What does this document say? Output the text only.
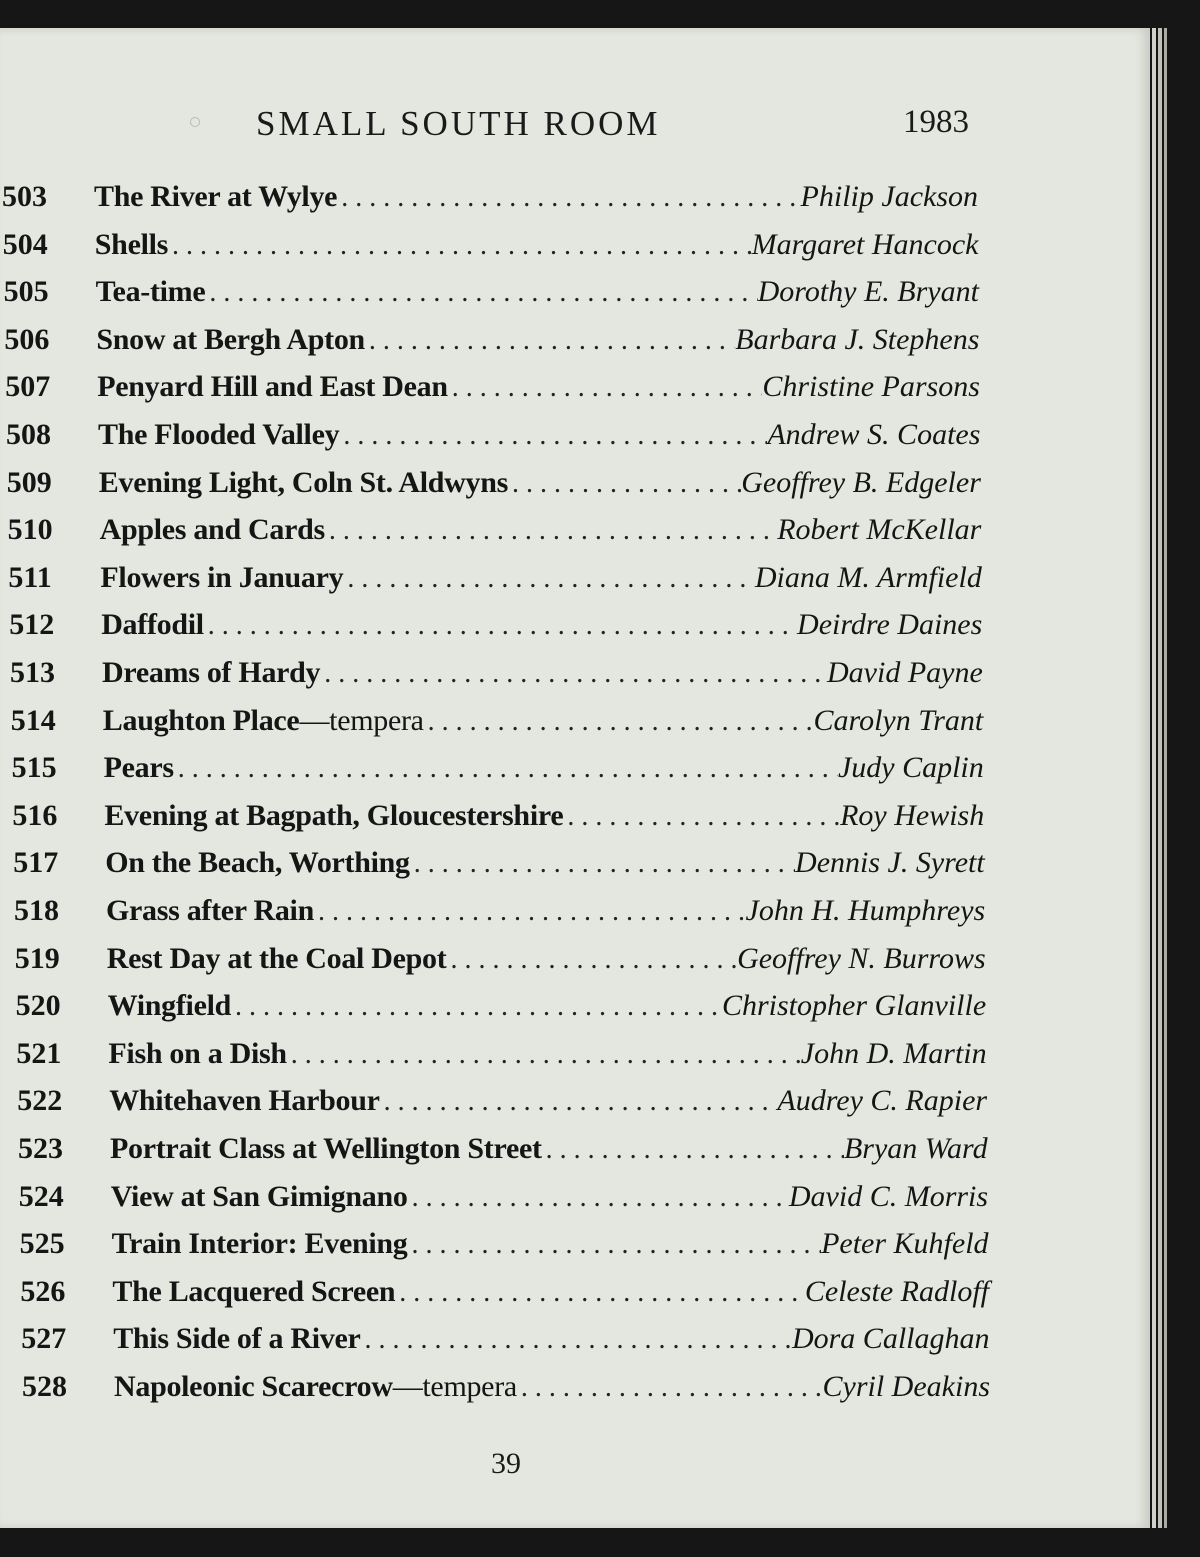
SMALL SOUTH ROOM	1983
503	The River at Wylye . . .	Philip Jackson
504	Shells . . .	Margaret Hancock
505	Tea-time . . .	Dorothy E. Bryant
506	Snow at Bergh Apton . . .	Barbara J. Stephens
507	Penyard Hill and East Dean . . .	Christine Parsons
508	The Flooded Valley . . .	Andrew S. Coates
509	Evening Light, Coln St. Aldwyns . . .	Geoffrey B. Edgeler
510	Apples and Cards . . .	Robert McKellar
511	Flowers in January . . .	Diana M. Armfield
512	Daffodil . . .	Deirdre Daines
513	Dreams of Hardy . . .	David Payne
514	Laughton Place—tempera . . .	Carolyn Trant
515	Pears . . .	Judy Caplin
516	Evening at Bagpath, Gloucestershire . . .	Roy Hewish
517	On the Beach, Worthing . . .	Dennis J. Syrett
518	Grass after Rain . . .	John H. Humphreys
519	Rest Day at the Coal Depot . . .	Geoffrey N. Burrows
520	Wingfield . . .	Christopher Glanville
521	Fish on a Dish . . .	John D. Martin
522	Whitehaven Harbour . . .	Audrey C. Rapier
523	Portrait Class at Wellington Street . . .	Bryan Ward
524	View at San Gimignano . . .	David C. Morris
525	Train Interior: Evening . . .	Peter Kuhfeld
526	The Lacquered Screen . . .	Celeste Radloff
527	This Side of a River . . .	Dora Callaghan
528	Napoleonic Scarecrow—tempera . . .	Cyril Deakins
39
